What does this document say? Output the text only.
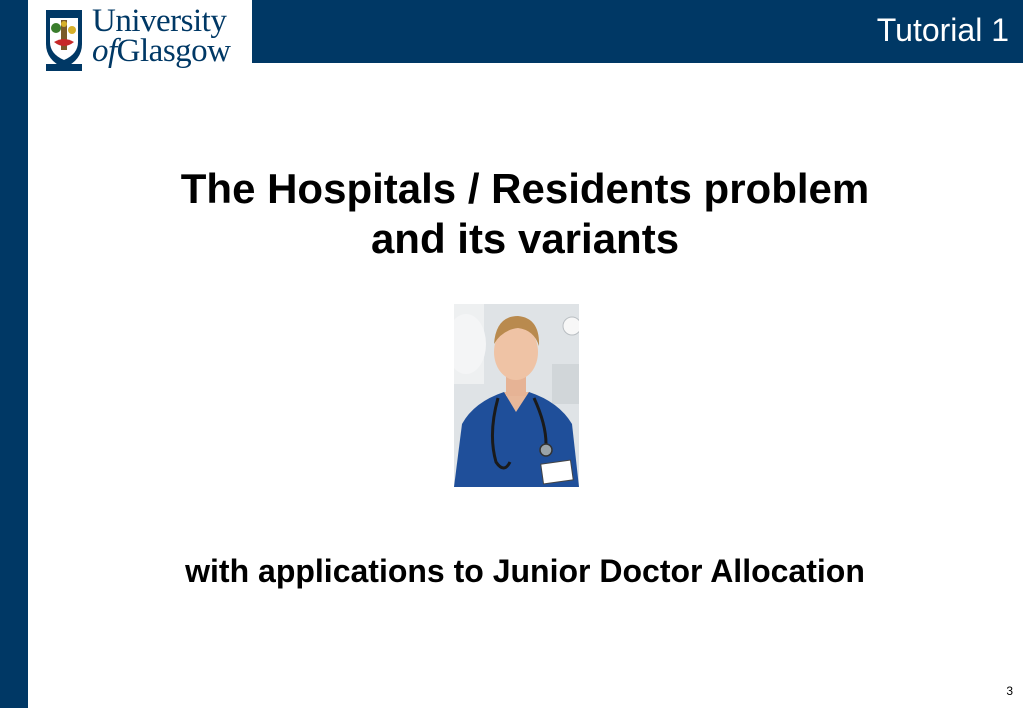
University
ofGlasgow
Tutorial 1
The Hospitals / Residents problem
and its variants
with applications to Junior Doctor Allocation
3
